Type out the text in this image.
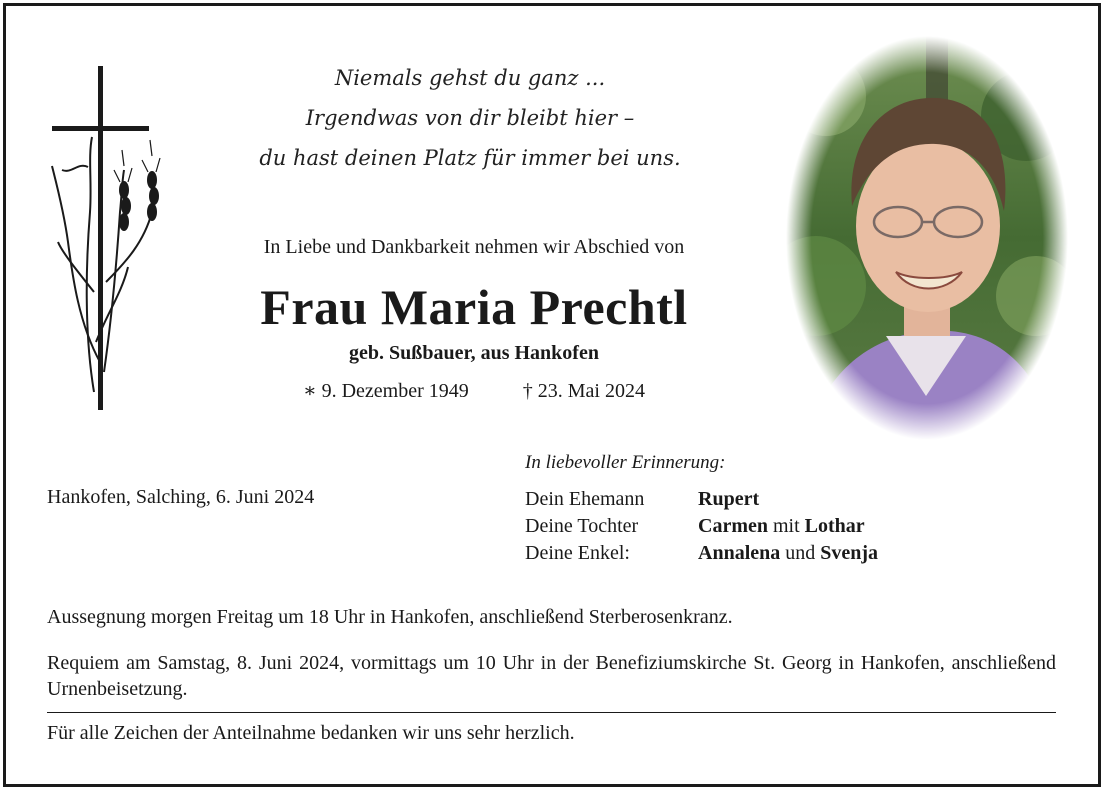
Niemals gehst du ganz ...
Irgendwas von dir bleibt hier –
du hast deinen Platz für immer bei uns.
In Liebe und Dankbarkeit nehmen wir Abschied von
Frau Maria Prechtl
geb. Sußbauer, aus Hankofen
∗ 9. Dezember 1949	† 23. Mai 2024
Hankofen, Salching, 6. Juni 2024
In liebevoller Erinnerung:
Dein Ehemann	Rupert
Deine Tochter	Carmen mit Lothar
Deine Enkel:	Annalena und Svenja
Aussegnung morgen Freitag um 18 Uhr in Hankofen, anschließend Sterberosenkranz.
Requiem am Samstag, 8. Juni 2024, vormittags um 10 Uhr in der Benefiziumskirche St. Georg in Hankofen, anschließend Urnenbeisetzung.
Für alle Zeichen der Anteilnahme bedanken wir uns sehr herzlich.
